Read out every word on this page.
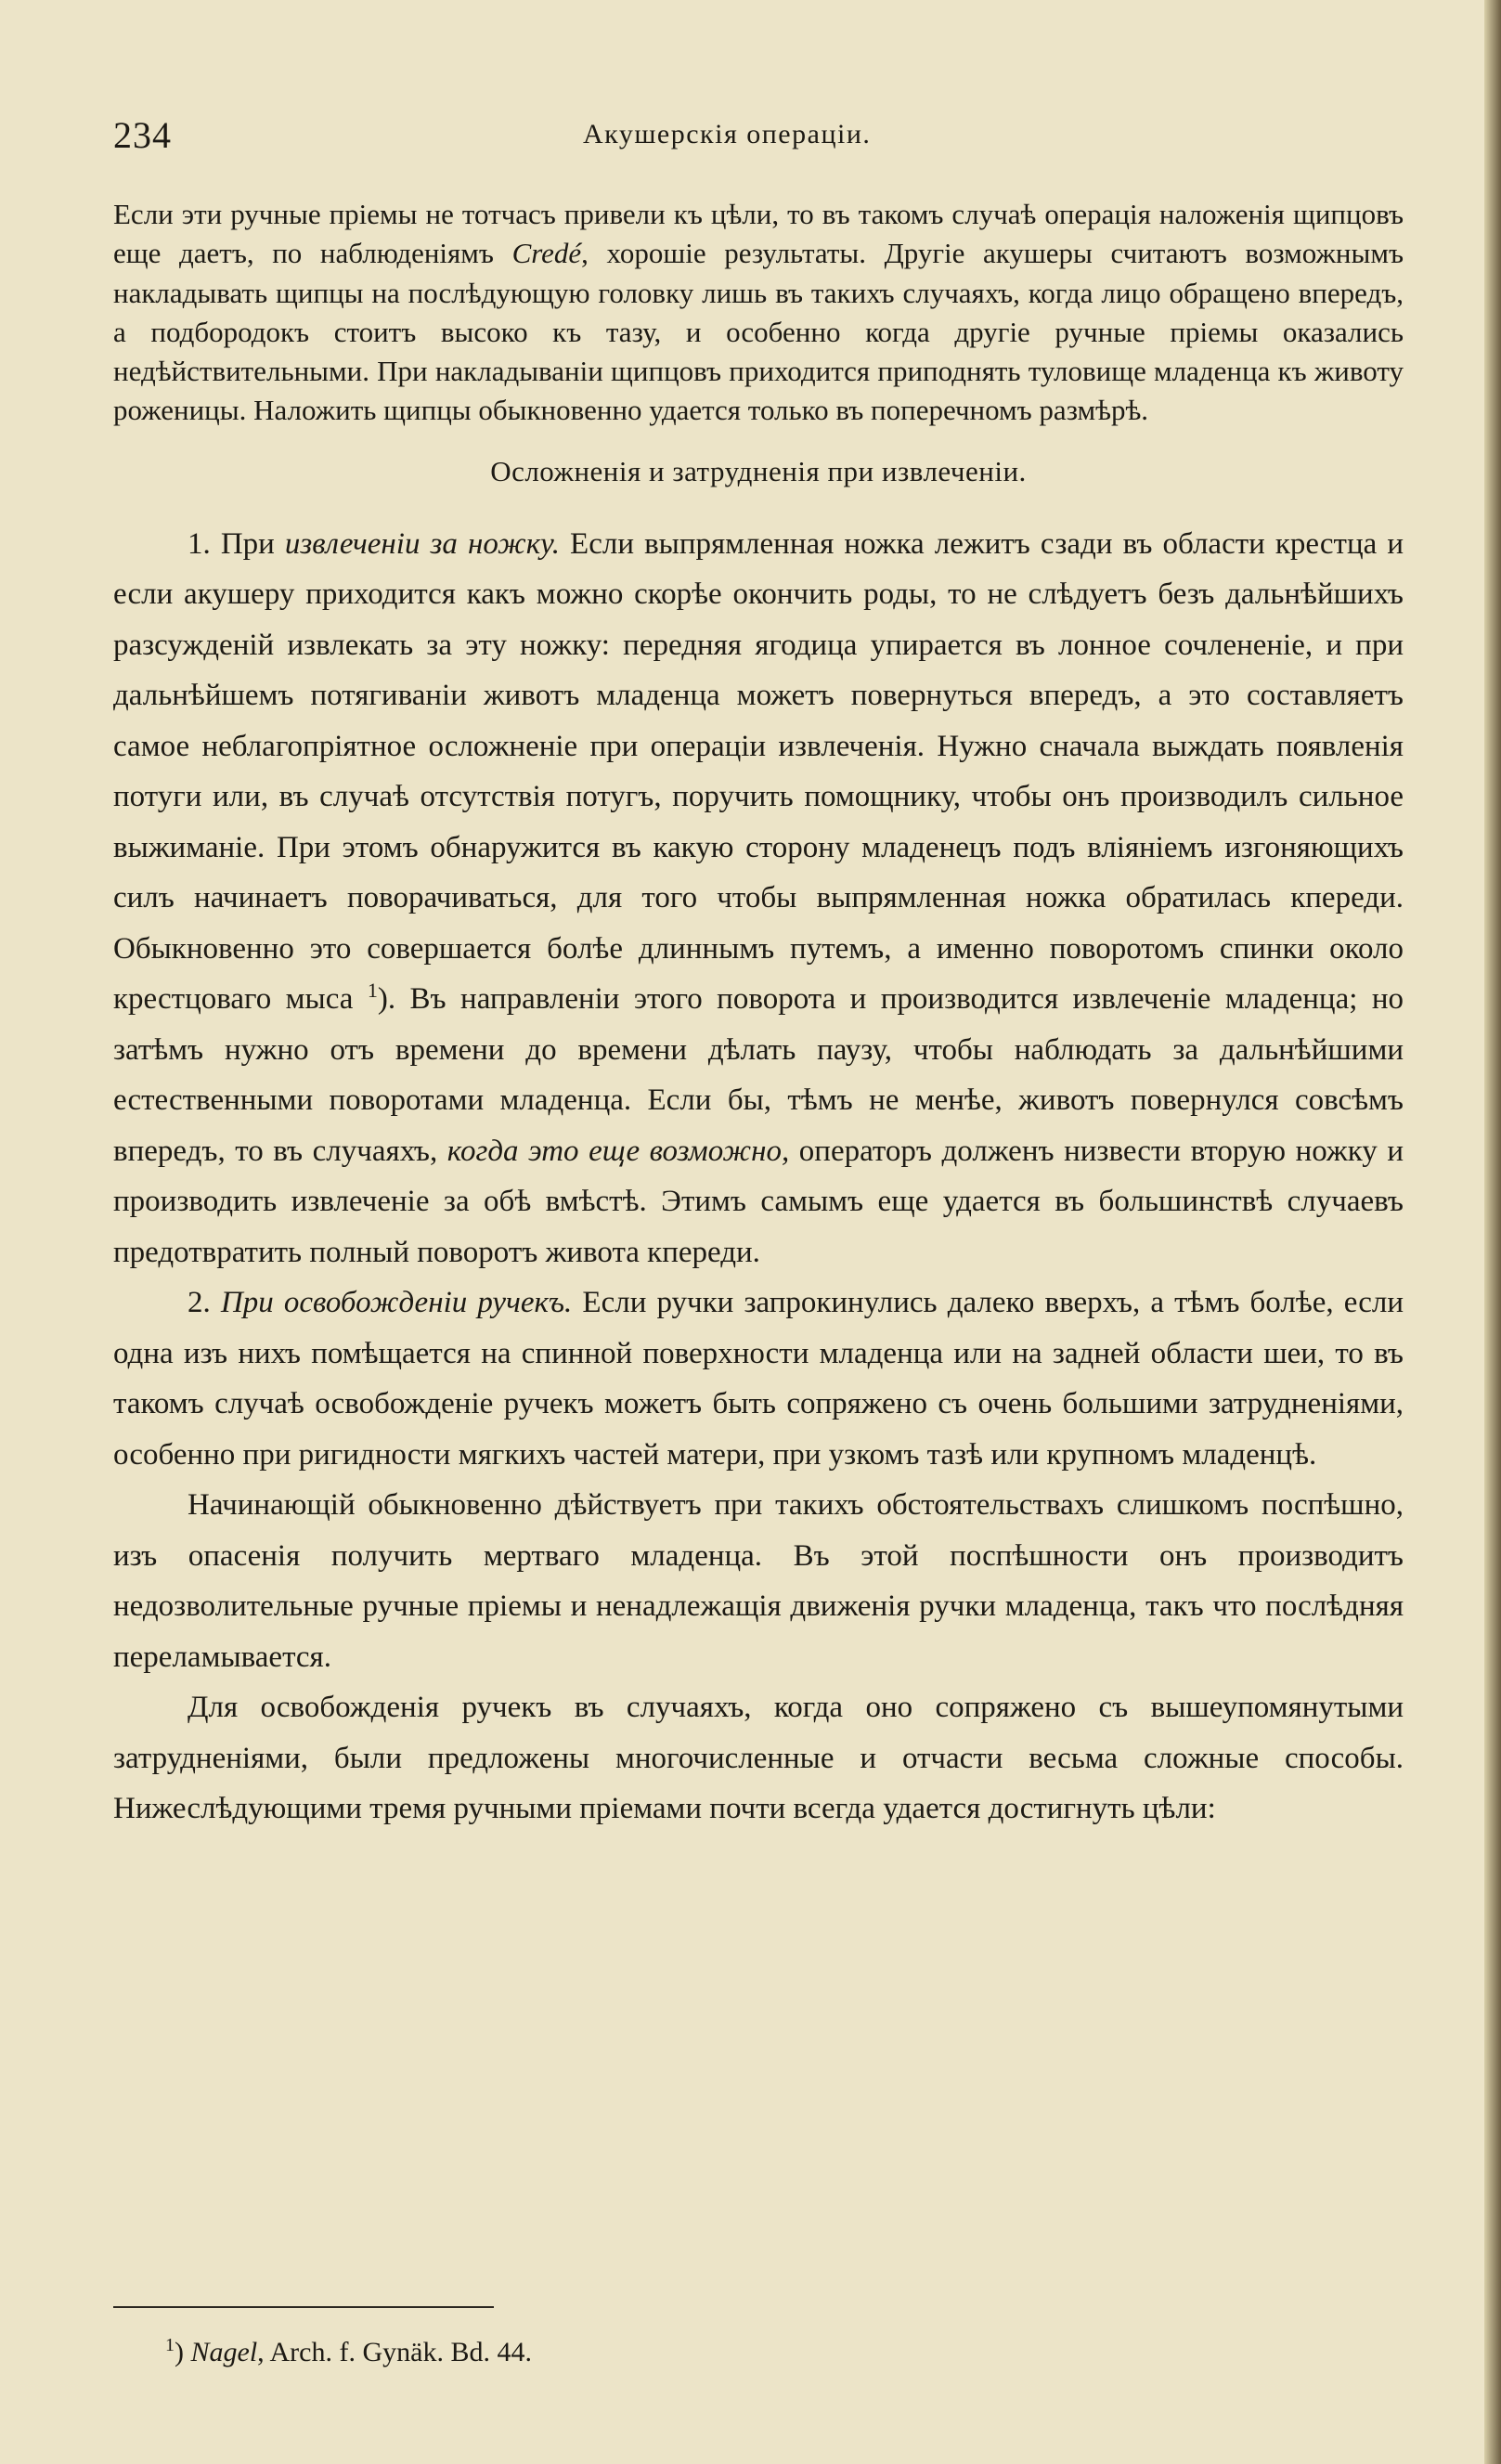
234	Акушерскія операціи.

Если эти ручные пріемы не тотчасъ привели къ цѣли, то въ такомъ случаѣ операція наложенія щипцовъ еще даетъ, по наблюденіямъ Credé, хорошіе результаты. Другіе акушеры считаютъ возможнымъ накладывать щипцы на послѣдующую головку лишь въ такихъ случаяхъ, когда лицо обращено впередъ, а подбородокъ стоитъ высоко къ тазу, и особенно когда другіе ручные пріемы оказались недѣйствительными. При накладываніи щипцовъ приходится приподнять туловище младенца къ животу роженицы. Наложить щипцы обыкновенно удается только въ поперечномъ размѣрѣ.

Осложненія и затрудненія при извлеченіи.

1. При извлеченіи за ножку. Если выпрямленная ножка лежитъ сзади въ области крестца и если акушеру приходится какъ можно скорѣе окончить роды, то не слѣдуетъ безъ дальнѣйшихъ разсужденій извлекать за эту ножку: передняя ягодица упирается въ лонное сочлененіе, и при дальнѣйшемъ потягиваніи животъ младенца можетъ повернуться впередъ, а это составляетъ самое неблагопріятное осложненіе при операціи извлеченія. Нужно сначала выждать появленія потуги или, въ случаѣ отсутствія потугъ, поручить помощнику, чтобы онъ производилъ сильное выжиманіе. При этомъ обнаружится въ какую сторону младенецъ подъ вліяніемъ изгоняющихъ силъ начинаетъ поворачиваться, для того чтобы выпрямленная ножка обратилась кпереди. Обыкновенно это совершается болѣе длиннымъ путемъ, а именно поворотомъ спинки около крестцоваго мыса $^1$). Въ направленіи этого поворота и производится извлеченіе младенца; но затѣмъ нужно отъ времени до времени дѣлать паузу, чтобы наблюдать за дальнѣйшими естественными поворотами младенца. Если бы, тѣмъ не менѣе, животъ повернулся совсѣмъ впередъ, то въ случаяхъ, когда это еще возможно, операторъ долженъ низвести вторую ножку и производить извлеченіе за обѣ вмѣстѣ. Этимъ самымъ еще удается въ большинствѣ случаевъ предотвратить полный поворотъ живота кпереди.

2. При освобожденіи ручекъ. Если ручки запрокинулись далеко вверхъ, а тѣмъ болѣе, если одна изъ нихъ помѣщается на спинной поверхности младенца или на задней области шеи, то въ такомъ случаѣ освобожденіе ручекъ можетъ быть сопряжено съ очень большими затрудненіями, особенно при ригидности мягкихъ частей матери, при узкомъ тазѣ или крупномъ младенцѣ.

Начинающій обыкновенно дѣйствуетъ при такихъ обстоятельствахъ слишкомъ поспѣшно, изъ опасенія получить мертваго младенца. Въ этой поспѣшности онъ производитъ недозволительные ручные пріемы и ненадлежащія движенія ручки младенца, такъ что послѣдняя переламывается.

Для освобожденія ручекъ въ случаяхъ, когда оно сопряжено съ вышеупомянутыми затрудненіями, были предложены многочисленные и отчасти весьма сложные способы. Нижеслѣдующими тремя ручными пріемами почти всегда удается достигнуть цѣли:

$^1$) Nagel, Arch. f. Gynäk. Bd. 44.
